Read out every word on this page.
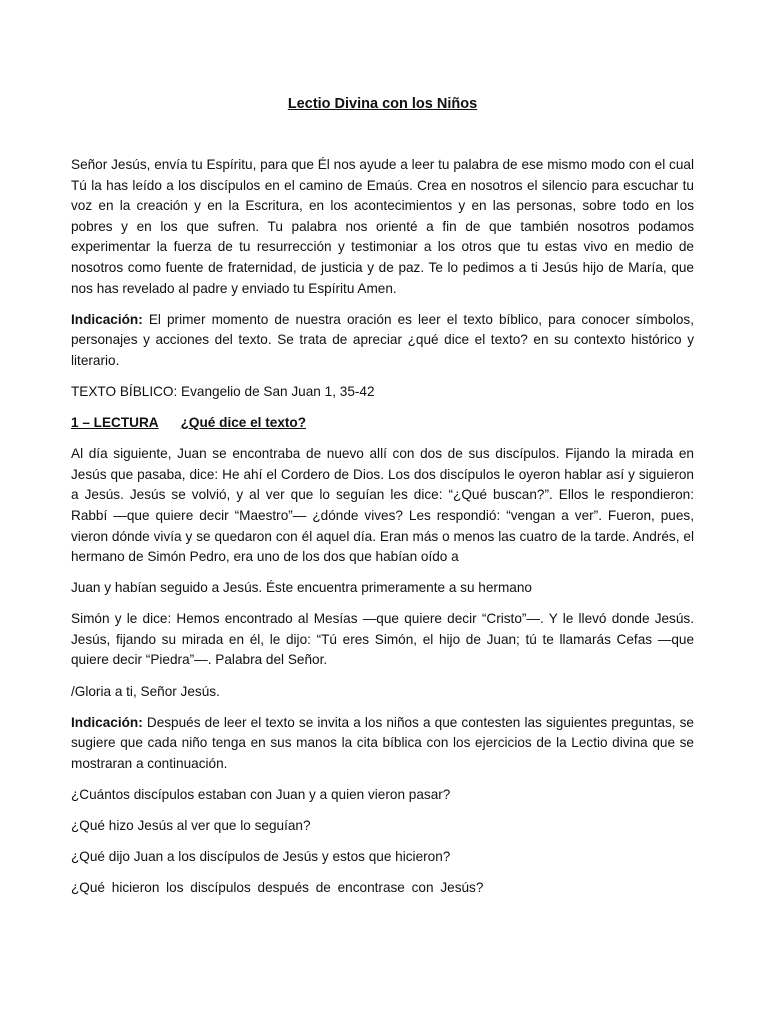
Lectio Divina con los Niños

Señor Jesús, envía tu Espíritu, para que Él nos ayude a leer tu palabra de ese mismo modo con el cual Tú la has leído a los discípulos en el camino de Emaús. Crea en nosotros el silencio para escuchar tu voz en la creación y en la Escritura, en los acontecimientos y en las personas, sobre todo en los pobres y en los que sufren. Tu palabra nos orienté a fin de que también nosotros podamos experimentar la fuerza de tu resurrección y testimoniar a los otros que tu estas vivo en medio de nosotros como fuente de fraternidad, de justicia y de paz. Te lo pedimos a ti Jesús hijo de María, que nos has revelado al padre y enviado tu Espíritu Amen.

Indicación: El primer momento de nuestra oración es leer el texto bíblico, para conocer símbolos, personajes y acciones del texto. Se trata de apreciar ¿qué dice el texto? en su contexto histórico y literario.

TEXTO BÍBLICO: Evangelio de San Juan 1, 35-42

1 – LECTURA ¿Qué dice el texto?

Al día siguiente, Juan se encontraba de nuevo allí con dos de sus discípulos. Fijando la mirada en Jesús que pasaba, dice: He ahí el Cordero de Dios. Los dos discípulos le oyeron hablar así y siguieron a Jesús. Jesús se volvió, y al ver que lo seguían les dice: “¿Qué buscan?”. Ellos le respondieron: Rabbí —que quiere decir “Maestro”— ¿dónde vives? Les respondió: “vengan a ver”. Fueron, pues, vieron dónde vivía y se quedaron con él aquel día. Eran más o menos las cuatro de la tarde. Andrés, el hermano de Simón Pedro, era uno de los dos que habían oído a

Juan y habían seguido a Jesús. Éste encuentra primeramente a su hermano

Simón y le dice: Hemos encontrado al Mesías —que quiere decir “Cristo”—. Y le llevó donde Jesús. Jesús, fijando su mirada en él, le dijo: “Tú eres Simón, el hijo de Juan; tú te llamarás Cefas —que quiere decir “Piedra”—. Palabra del Señor.

/Gloria a ti, Señor Jesús.

Indicación: Después de leer el texto se invita a los niños a que contesten las siguientes preguntas, se sugiere que cada niño tenga en sus manos la cita bíblica con los ejercicios de la Lectio divina que se mostraran a continuación.

¿Cuántos discípulos estaban con Juan y a quien vieron pasar?

¿Qué hizo Jesús al ver que lo seguían?

¿Qué dijo Juan a los discípulos de Jesús y estos que hicieron?

¿Qué hicieron los discípulos después de encontrase con Jesús?
